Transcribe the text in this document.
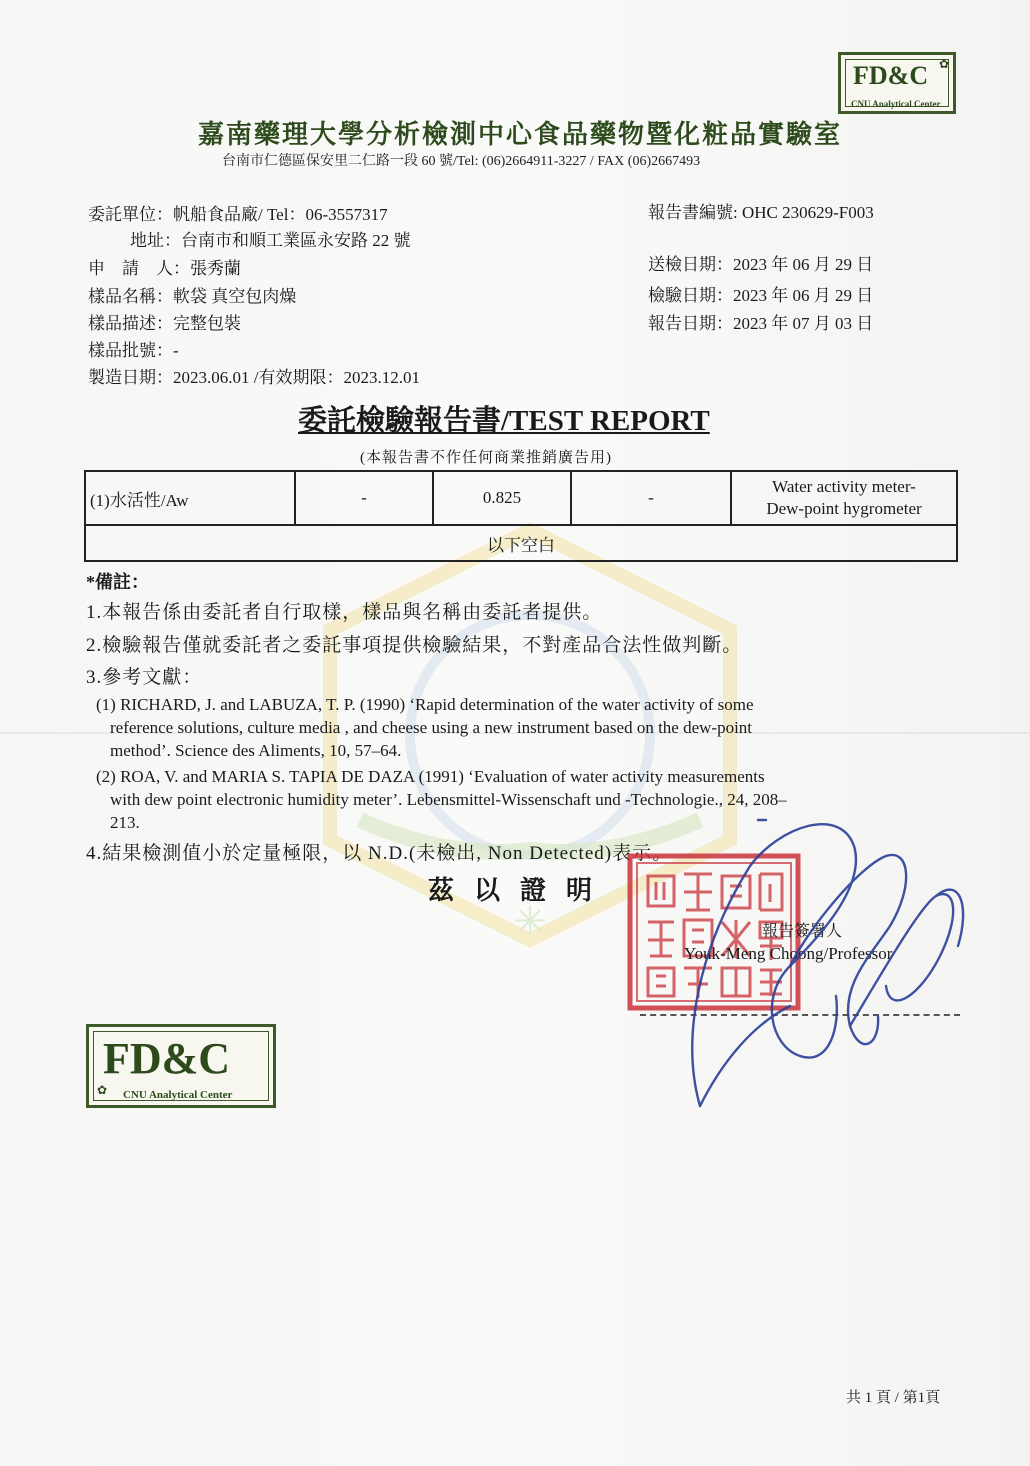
✳
FD&C ✿
CNU Analytical Center
嘉南藥理大學分析檢測中心食品藥物暨化粧品實驗室
台南市仁德區保安里二仁路一段 60 號/Tel: (06)2664911-3227 / FAX (06)2667493
委託單位：帆船食品廠/ Tel：06-3557317
地址：台南市和順工業區永安路 22 號
申　請　人：張秀蘭
樣品名稱：軟袋 真空包肉燥
樣品描述：完整包裝
樣品批號：-
製造日期：2023.06.01 /有效期限：2023.12.01
報告書編號: OHC 230629-F003
送檢日期：2023 年 06 月 29 日
檢驗日期：2023 年 06 月 29 日
報告日期：2023 年 07 月 03 日
委託檢驗報告書/TEST REPORT
(本報告書不作任何商業推銷廣告用)
(1)水活性/Aw	-	0.825	-	
Water activity meter-
Dew-point hygrometer

以下空白
*備註：
1.本報告係由委託者自行取樣，樣品與名稱由委託者提供。
2.檢驗報告僅就委託者之委託事項提供檢驗結果，不對產品合法性做判斷。
3.參考文獻：
(1) RICHARD, J. and LABUZA, T. P. (1990) ‘Rapid determination of the water activity of some
reference solutions, culture media , and cheese using a new instrument based on the dew-point
method’. Science des Aliments, 10, 57–64.
(2) ROA, V. and MARIA S. TAPIA DE DAZA (1991) ‘Evaluation of water activity measurements
with dew point electronic humidity meter’. Lebensmittel-Wissenschaft und -Technologie., 24, 208–
213.
4.結果檢測值小於定量極限，以 N.D.(未檢出, Non Detected)表示。
茲以證明
報告簽署人
Youk-Meng Choong/Professor
FD&C
✿	CNU Analytical Center
共 1 頁 / 第1頁
